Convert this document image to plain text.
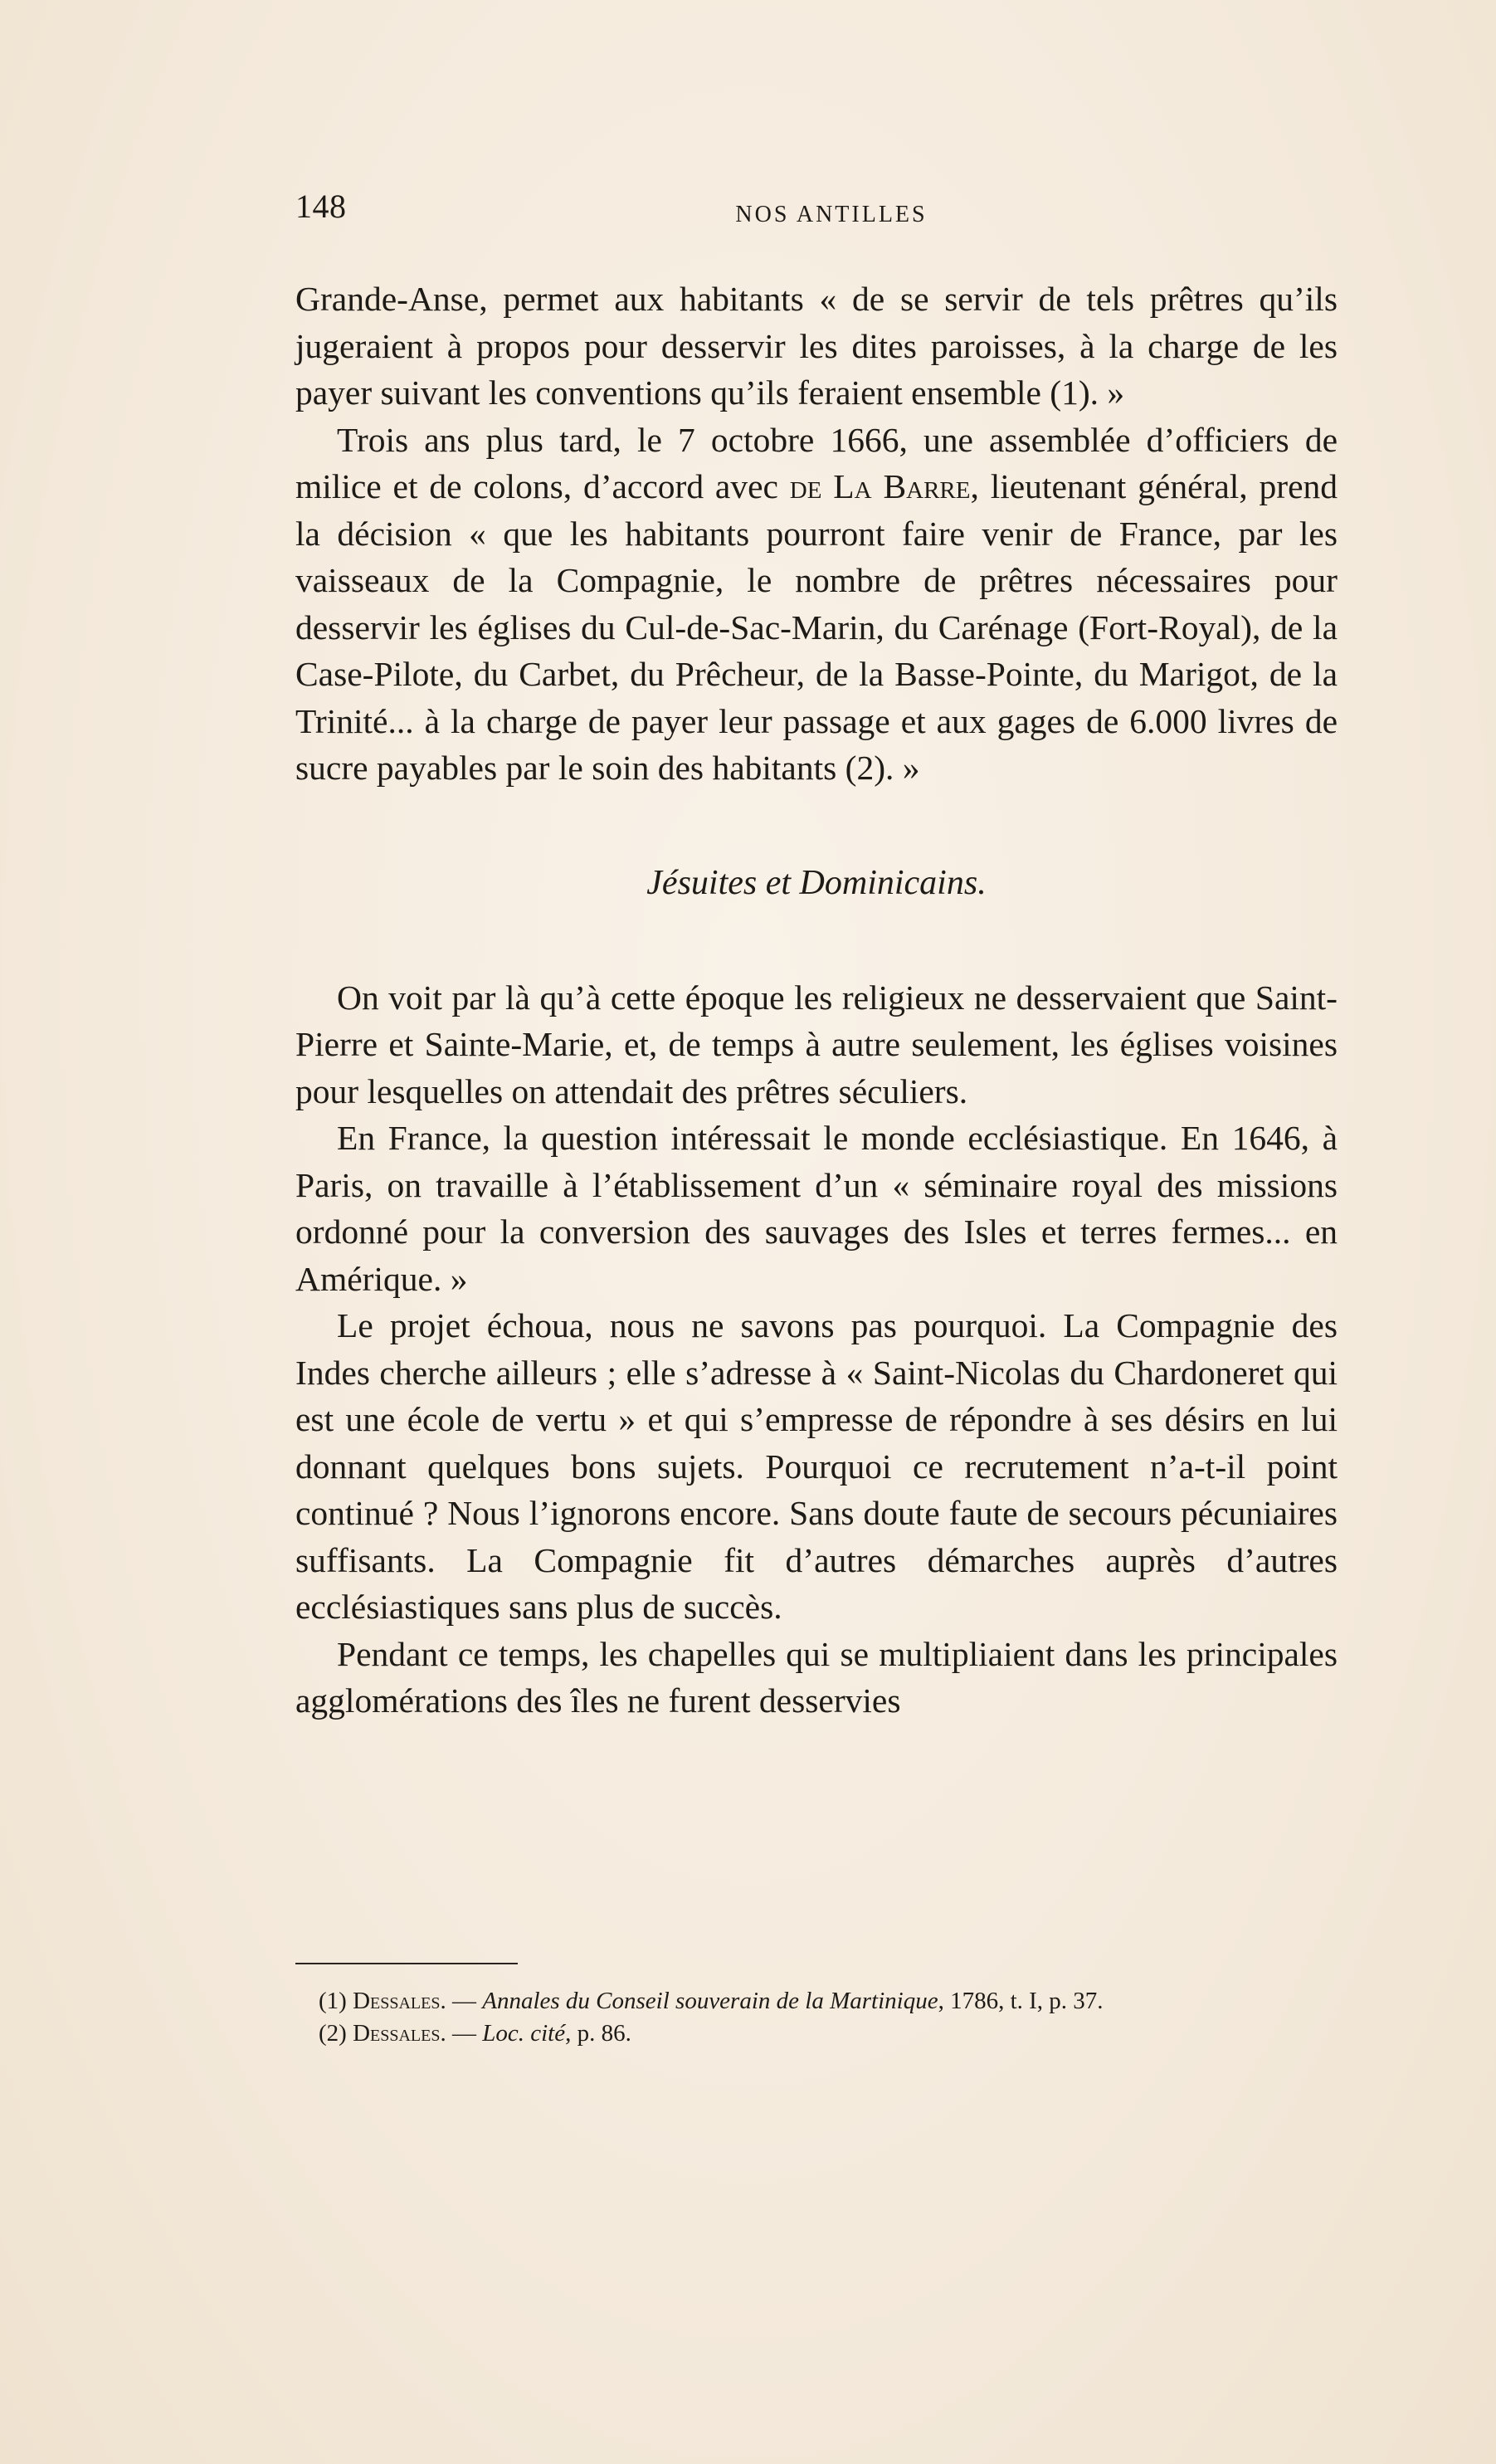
148	NOS ANTILLES

Grande-Anse, permet aux habitants « de se servir de tels prêtres qu’ils jugeraient à propos pour desservir les dites paroisses, à la charge de les payer suivant les conventions qu’ils feraient ensemble (1). »

Trois ans plus tard, le 7 octobre 1666, une assemblée d’officiers de milice et de colons, d’accord avec de La Barre, lieutenant général, prend la décision « que les habitants pourront faire venir de France, par les vaisseaux de la Compagnie, le nombre de prêtres nécessaires pour desservir les églises du Cul-de-Sac-Marin, du Carénage (Fort-Royal), de la Case-Pilote, du Carbet, du Prêcheur, de la Basse-Pointe, du Marigot, de la Trinité... à la charge de payer leur passage et aux gages de 6.000 livres de sucre payables par le soin des habitants (2). »

Jésuites et Dominicains.

On voit par là qu’à cette époque les religieux ne desservaient que Saint-Pierre et Sainte-Marie, et, de temps à autre seulement, les églises voisines pour lesquelles on attendait des prêtres séculiers.

En France, la question intéressait le monde ecclésiastique. En 1646, à Paris, on travaille à l’établissement d’un « séminaire royal des missions ordonné pour la conversion des sauvages des Isles et terres fermes... en Amérique. »

Le projet échoua, nous ne savons pas pourquoi. La Compagnie des Indes cherche ailleurs ; elle s’adresse à « Saint-Nicolas du Chardoneret qui est une école de vertu » et qui s’empresse de répondre à ses désirs en lui donnant quelques bons sujets. Pourquoi ce recrutement n’a-t-il point continué ? Nous l’ignorons encore. Sans doute faute de secours pécuniaires suffisants. La Compagnie fit d’autres démarches auprès d’autres ecclésiastiques sans plus de succès.

Pendant ce temps, les chapelles qui se multipliaient dans les principales agglomérations des îles ne furent desservies

(1) Dessales. — Annales du Conseil souverain de la Martinique, 1786, t. I, p. 37.

(2) Dessales. — Loc. cité, p. 86.
